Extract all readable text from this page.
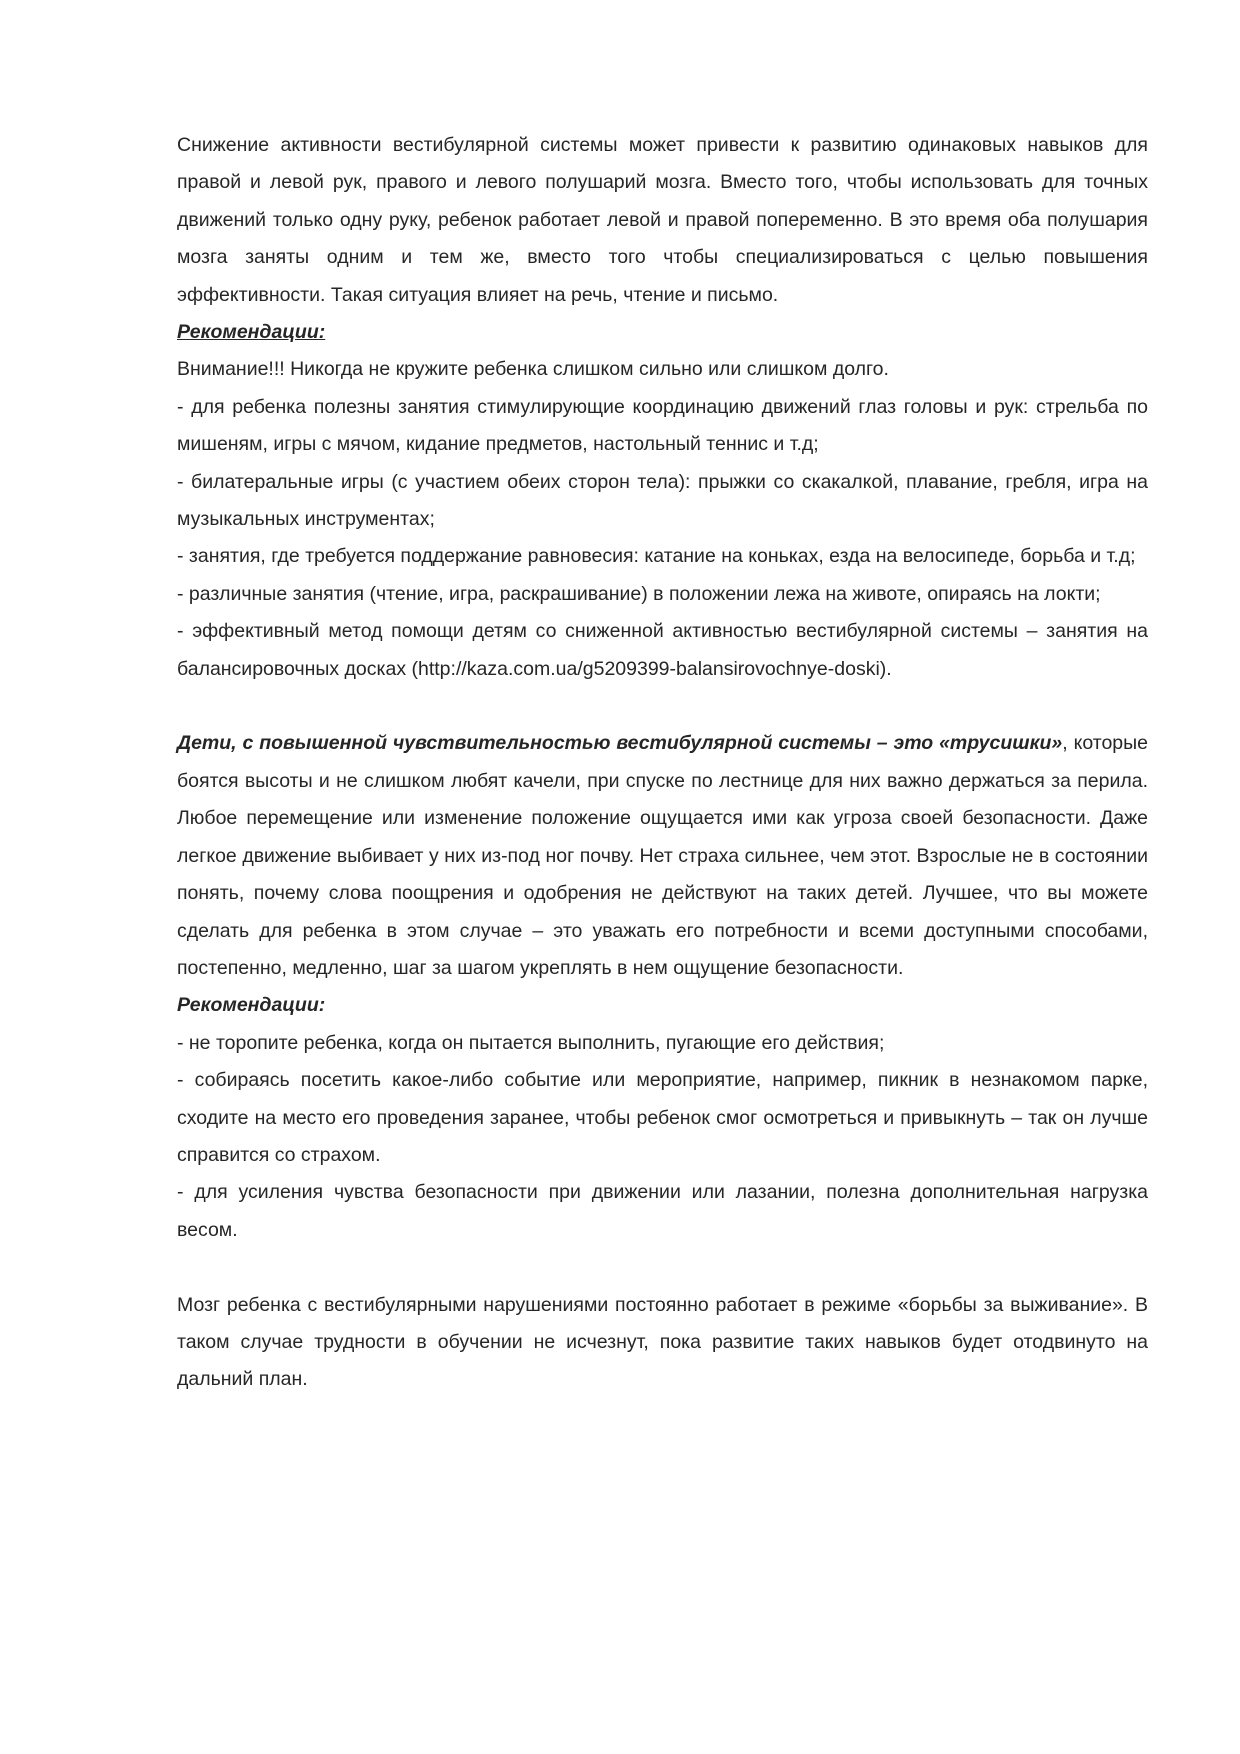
Снижение активности вестибулярной системы может привести к развитию одинаковых навыков для правой и левой рук, правого и левого полушарий мозга. Вместо того, чтобы использовать для точных движений только одну руку, ребенок работает левой и правой попеременно. В это время оба полушария мозга заняты одним и тем же, вместо того чтобы специализироваться с целью повышения эффективности. Такая ситуация влияет на речь, чтение и письмо.

Рекомендации:

Внимание!!! Никогда не кружите ребенка слишком сильно или слишком долго.

- для ребенка полезны занятия стимулирующие координацию движений глаз головы и рук: стрельба по мишеням, игры с мячом, кидание предметов, настольный теннис и т.д;

- билатеральные игры (с участием обеих сторон тела): прыжки со скакалкой, плавание, гребля, игра на музыкальных инструментах;

- занятия, где требуется поддержание равновесия: катание на коньках, езда на велосипеде, борьба и т.д;

- различные занятия (чтение, игра, раскрашивание) в положении лежа на животе, опираясь на локти;

- эффективный метод помощи детям со сниженной активностью вестибулярной системы – занятия на балансировочных досках (http://kaza.com.ua/g5209399-balansirovochnye-doski).

Дети, с повышенной чувствительностью вестибулярной системы – это «трусишки», которые боятся высоты и не слишком любят качели, при спуске по лестнице для них важно держаться за перила. Любое перемещение или изменение положение ощущается ими как угроза своей безопасности. Даже легкое движение выбивает у них из-под ног почву. Нет страха сильнее, чем этот. Взрослые не в состоянии понять, почему слова поощрения и одобрения не действуют на таких детей. Лучшее, что вы можете сделать для ребенка в этом случае – это уважать его потребности и всеми доступными способами, постепенно, медленно, шаг за шагом укреплять в нем ощущение безопасности.

Рекомендации:

- не торопите ребенка, когда он пытается выполнить, пугающие его действия;

- собираясь посетить какое-либо событие или мероприятие, например, пикник в незнакомом парке, сходите на место его проведения заранее, чтобы ребенок смог осмотреться и привыкнуть – так он лучше справится со страхом.

- для усиления чувства безопасности при движении или лазании, полезна дополнительная нагрузка весом.

Мозг ребенка с вестибулярными нарушениями постоянно работает в режиме «борьбы за выживание». В таком случае трудности в обучении не исчезнут, пока развитие таких навыков будет отодвинуто на дальний план.
